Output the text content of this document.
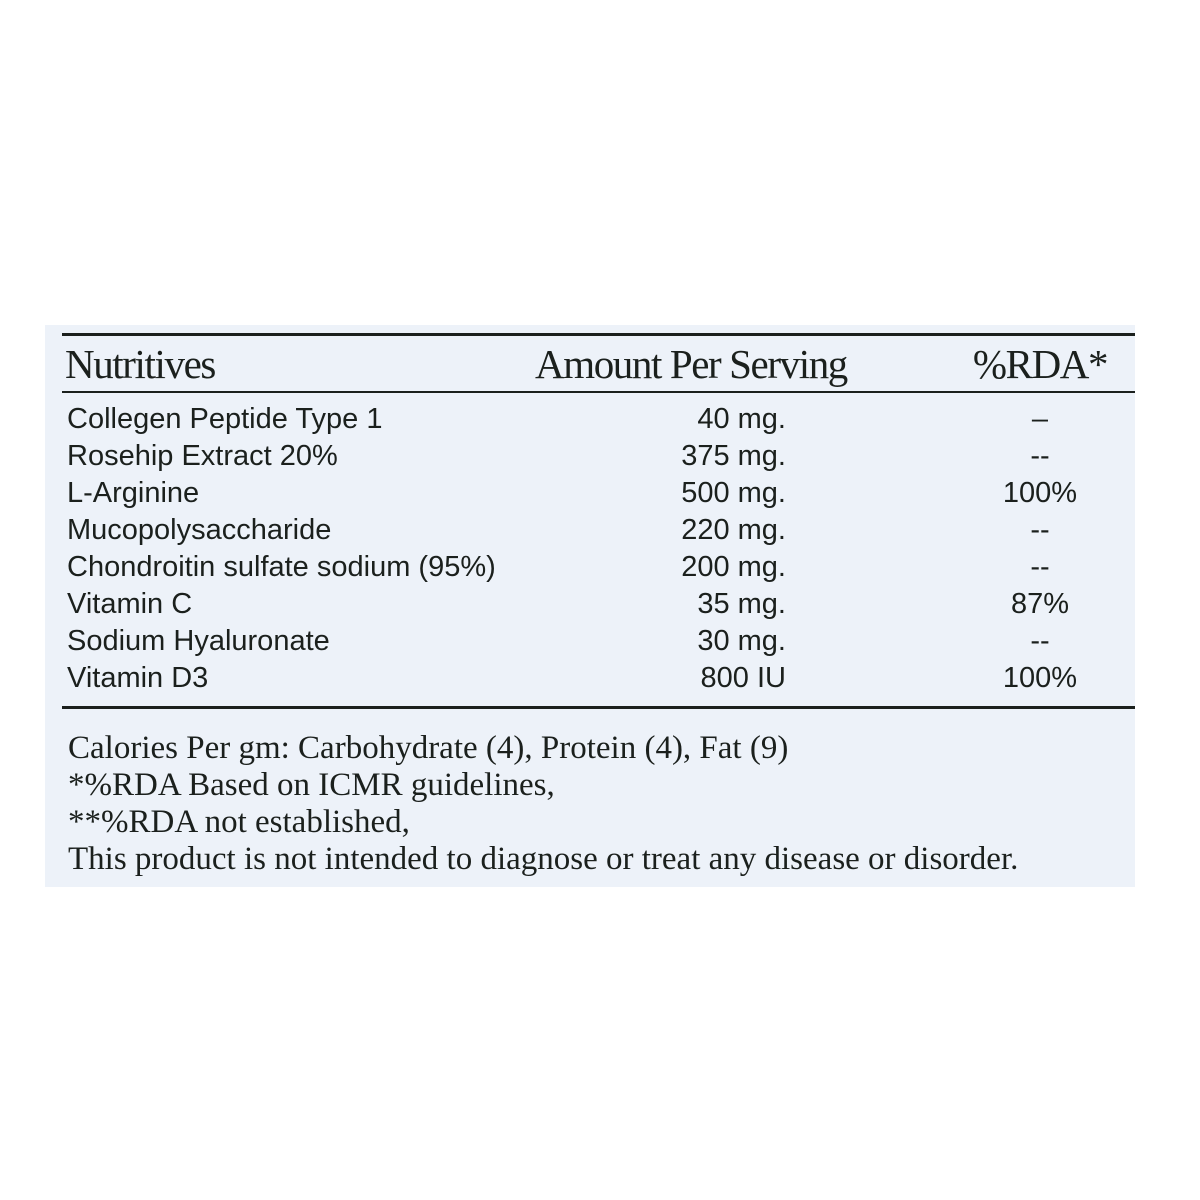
Nutritives	Amount Per Serving	%RDA*
Collegen Peptide Type 1	40 mg.	–
Rosehip Extract 20%	375 mg.	--
L-Arginine	500 mg.	100%
Mucopolysaccharide	220 mg.	--
Chondroitin sulfate sodium (95%)	200 mg.	--
Vitamin C	35 mg.	87%
Sodium Hyaluronate	30 mg.	--
Vitamin D3	800 IU	100%
Calories Per gm: Carbohydrate (4), Protein (4), Fat (9)
*%RDA Based on ICMR guidelines,
**%RDA not established,
This product is not intended to diagnose or treat any disease or disorder.
